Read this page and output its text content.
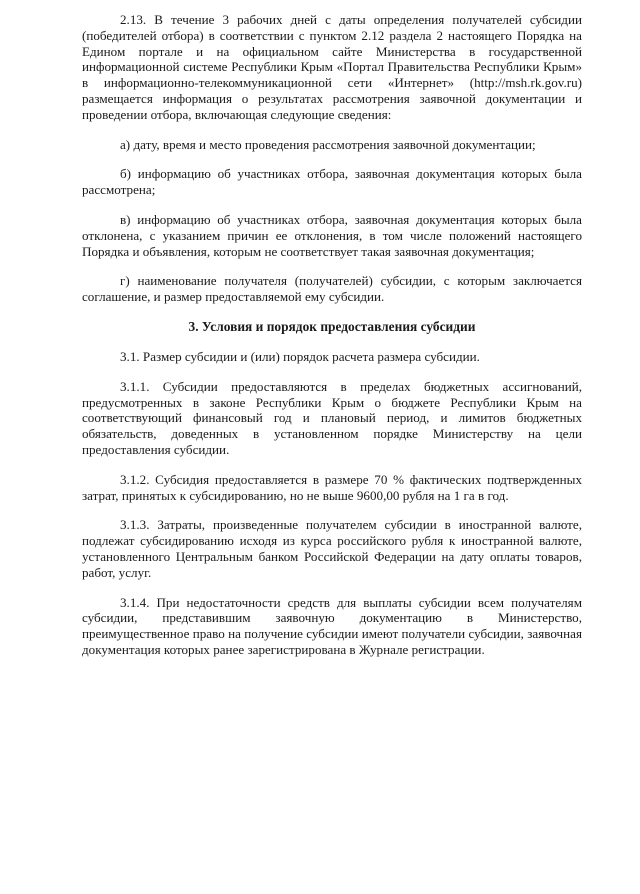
2.13. В течение 3 рабочих дней с даты определения получателей субсидии (победителей отбора) в соответствии с пунктом 2.12 раздела 2 настоящего Порядка на Едином портале и на официальном сайте Министерства в государственной информационной системе Республики Крым «Портал Правительства Республики Крым» в информационно-телекоммуникационной сети «Интернет» (http://msh.rk.gov.ru) размещается информация о результатах рассмотрения заявочной документации и проведении отбора, включающая следующие сведения:

а) дату, время и место проведения рассмотрения заявочной документации;

б) информацию об участниках отбора, заявочная документация которых была рассмотрена;

в) информацию об участниках отбора, заявочная документация которых была отклонена, с указанием причин ее отклонения, в том числе положений настоящего Порядка и объявления, которым не соответствует такая заявочная документация;

г) наименование получателя (получателей) субсидии, с которым заключается соглашение, и размер предоставляемой ему субсидии.

3. Условия и порядок предоставления субсидии

3.1. Размер субсидии и (или) порядок расчета размера субсидии.

3.1.1. Субсидии предоставляются в пределах бюджетных ассигнований, предусмотренных в законе Республики Крым о бюджете Республики Крым на соответствующий финансовый год и плановый период, и лимитов бюджетных обязательств, доведенных в установленном порядке Министерству на цели предоставления субсидии.

3.1.2. Субсидия предоставляется в размере 70 % фактических подтвержденных затрат, принятых к субсидированию, но не выше 9600,00 рубля на 1 га в год.

3.1.3. Затраты, произведенные получателем субсидии в иностранной валюте, подлежат субсидированию исходя из курса российского рубля к иностранной валюте, установленного Центральным банком Российской Федерации на дату оплаты товаров, работ, услуг.

3.1.4. При недостаточности средств для выплаты субсидии всем получателям субсидии, представившим заявочную документацию в Министерство, преимущественное право на получение субсидии имеют получатели субсидии, заявочная документация которых ранее зарегистрирована в Журнале регистрации.
